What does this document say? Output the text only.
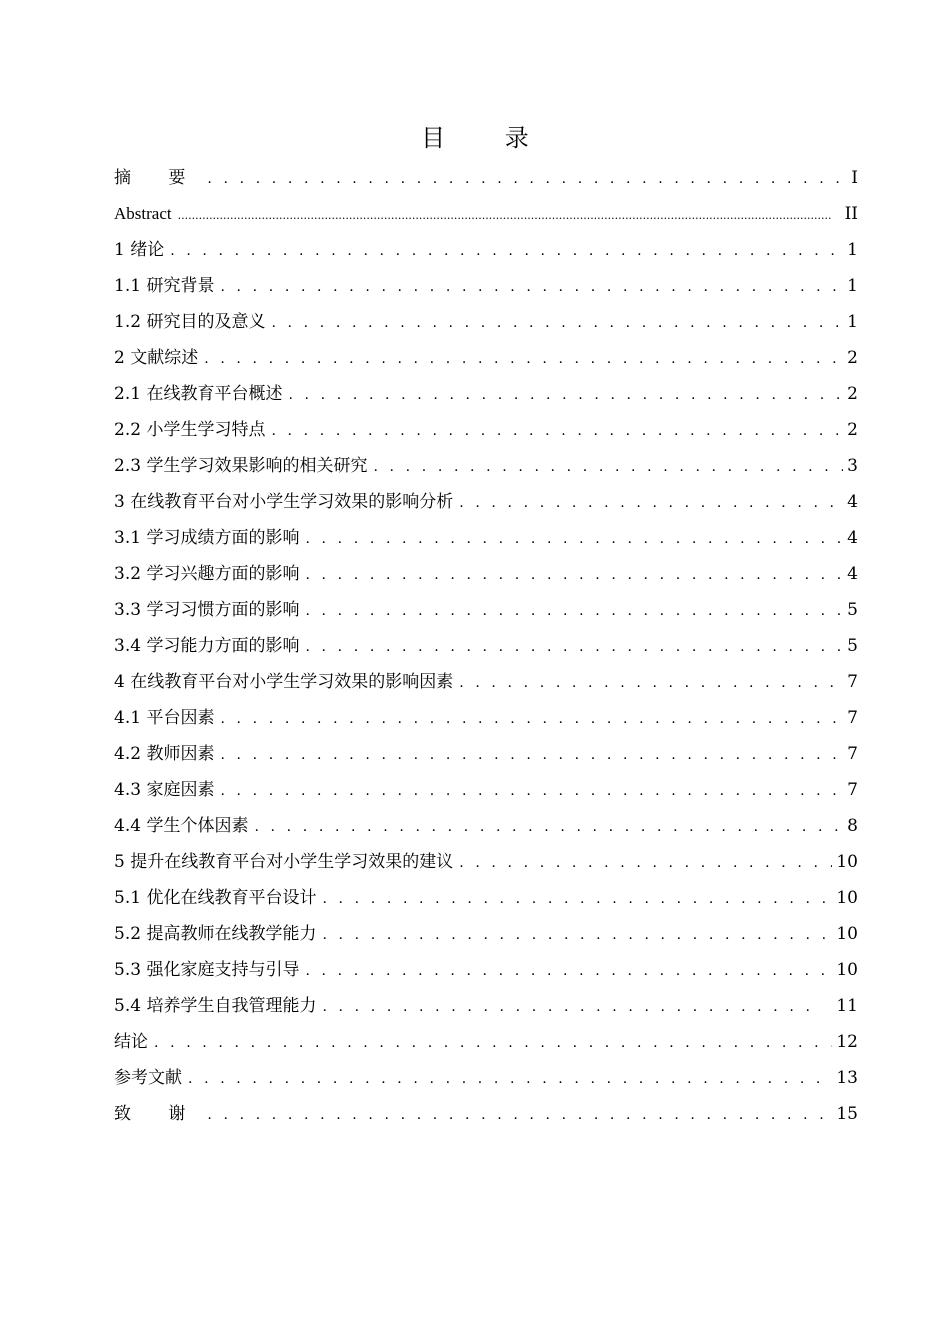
目 录
摘 要 . . .	I
Abstract .....	II
1 绪论 . . .	1
1.1 研究背景 . . .	1
1.2 研究目的及意义 . . .	1
2 文献综述 . . .	2
2.1 在线教育平台概述 . . .	2
2.2 小学生学习特点 . . .	2
2.3 学生学习效果影响的相关研究 . . .	3
3 在线教育平台对小学生学习效果的影响分析 . . .	4
3.1 学习成绩方面的影响 . . .	4
3.2 学习兴趣方面的影响 . . .	4
3.3 学习习惯方面的影响 . . .	5
3.4 学习能力方面的影响 . . .	5
4 在线教育平台对小学生学习效果的影响因素 . . .	7
4.1 平台因素 . . .	7
4.2 教师因素 . . .	7
4.3 家庭因素 . . .	7
4.4 学生个体因素 . . .	8
5 提升在线教育平台对小学生学习效果的建议 . . .	10
5.1 优化在线教育平台设计 . . .	10
5.2 提高教师在线教学能力 . . .	10
5.3 强化家庭支持与引导 . . .	10
5.4 培养学生自我管理能力 . . .	11
结论 . . .	12
参考文献 . . .	13
致 谢 . . .	15
